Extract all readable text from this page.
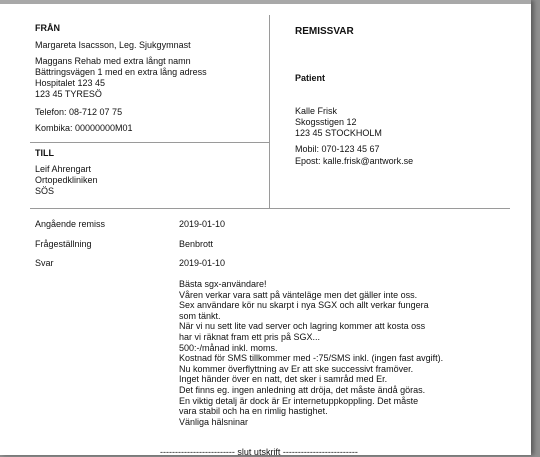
FRÅN
Margareta Isacsson, Leg. Sjukgymnast
Maggans Rehab med extra långt namn
Bättringsvägen 1 med en extra lång adress
Hospitalet 123 45
123 45 TYRESÖ
Telefon: 08-712 07 75
Kombika: 00000000M01
TILL
Leif Ahrengart
Ortopedkliniken
SÖS
REMISSVAR
Patient
Kalle Frisk
Skogsstigen 12
123 45 STOCKHOLM
Mobil: 070-123 45 67
Epost: kalle.frisk@antwork.se
Angående remiss	2019-01-10
Frågeställning	Benbrott
Svar	2019-01-10
Bästa sgx-användare!
Våren verkar vara satt på vänteläge men det gäller inte oss.
Sex användare kör nu skarpt i nya SGX och allt verkar fungera
som tänkt.
När vi nu sett lite vad server och lagring kommer att kosta oss
har vi räknat fram ett pris på SGX...
500:-/månad inkl. moms.
Kostnad för SMS tillkommer med -:75/SMS inkl. (ingen fast avgift).
Nu kommer överflyttning av Er att ske successivt framöver.
Inget händer över en natt, det sker i samråd med Er.
Det finns eg. ingen anledning att dröja, det måste ändå göras.
En viktig detalj är dock är Er internetuppkoppling. Det måste
vara stabil och ha en rimlig hastighet.
Vänliga hälsninar
------------------------- slut utskrift -------------------------
